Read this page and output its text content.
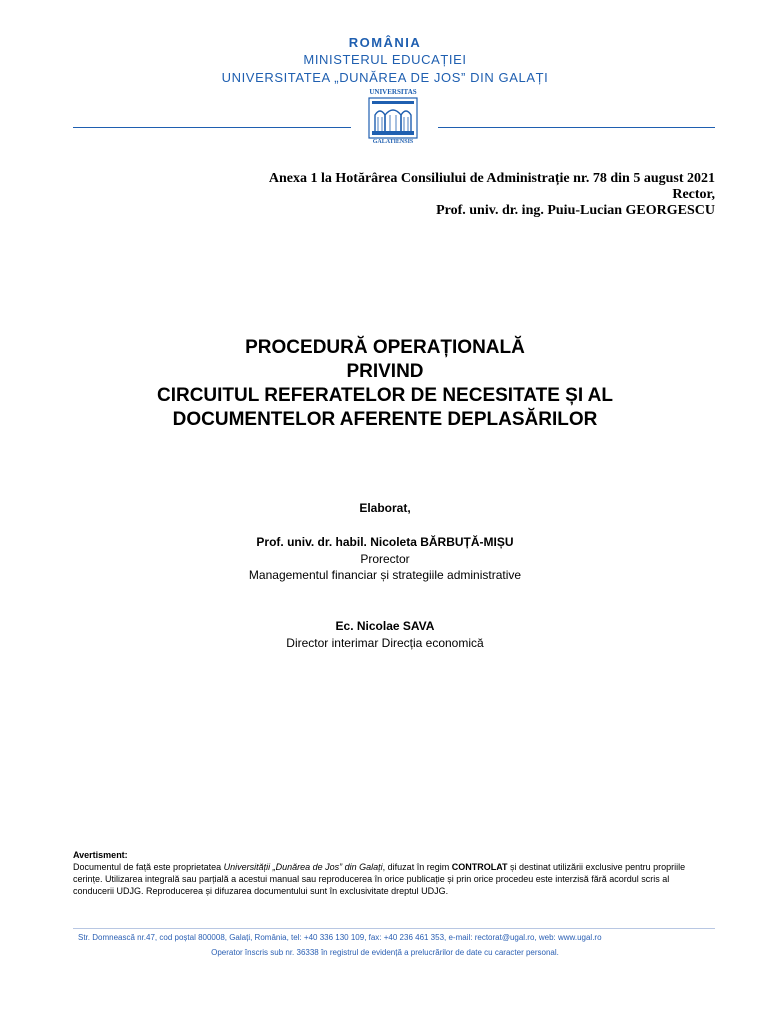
ROMÂNIA
MINISTERUL EDUCAȚIEI
UNIVERSITATEA „DUNĂREA DE JOS” DIN GALAȚI
UNIVERSITAS
GALATIENSIS
Anexa 1 la Hotărârea Consiliului de Administrație nr. 78 din 5 august 2021
Rector,
Prof. univ. dr. ing. Puiu-Lucian GEORGESCU
PROCEDURĂ OPERAȚIONALĂ
PRIVIND
CIRCUITUL REFERATELOR DE NECESITATE ȘI AL
DOCUMENTELOR AFERENTE DEPLASĂRILOR
Elaborat,
Prof. univ. dr. habil. Nicoleta BĂRBUȚĂ-MIȘU
Prorector
Managementul financiar și strategiile administrative
Ec. Nicolae SAVA
Director interimar Direcția economică
Avertisment:
Documentul de față este proprietatea Universității „Dunărea de Jos” din Galați, difuzat în regim CONTROLAT și destinat utilizării exclusive pentru propriile cerințe. Utilizarea integrală sau parțială a acestui manual sau reproducerea în orice publicație și prin orice procedeu este interzisă fără acordul scris al conducerii UDJG. Reproducerea și difuzarea documentului sunt în exclusivitate dreptul UDJG.
Str. Domnească nr.47, cod poștal 800008, Galați, România, tel: +40 336 130 109, fax: +40 236 461 353, e-mail: rectorat@ugal.ro, web: www.ugal.ro
Operator înscris sub nr. 36338 în registrul de evidență a prelucrărilor de date cu caracter personal.
